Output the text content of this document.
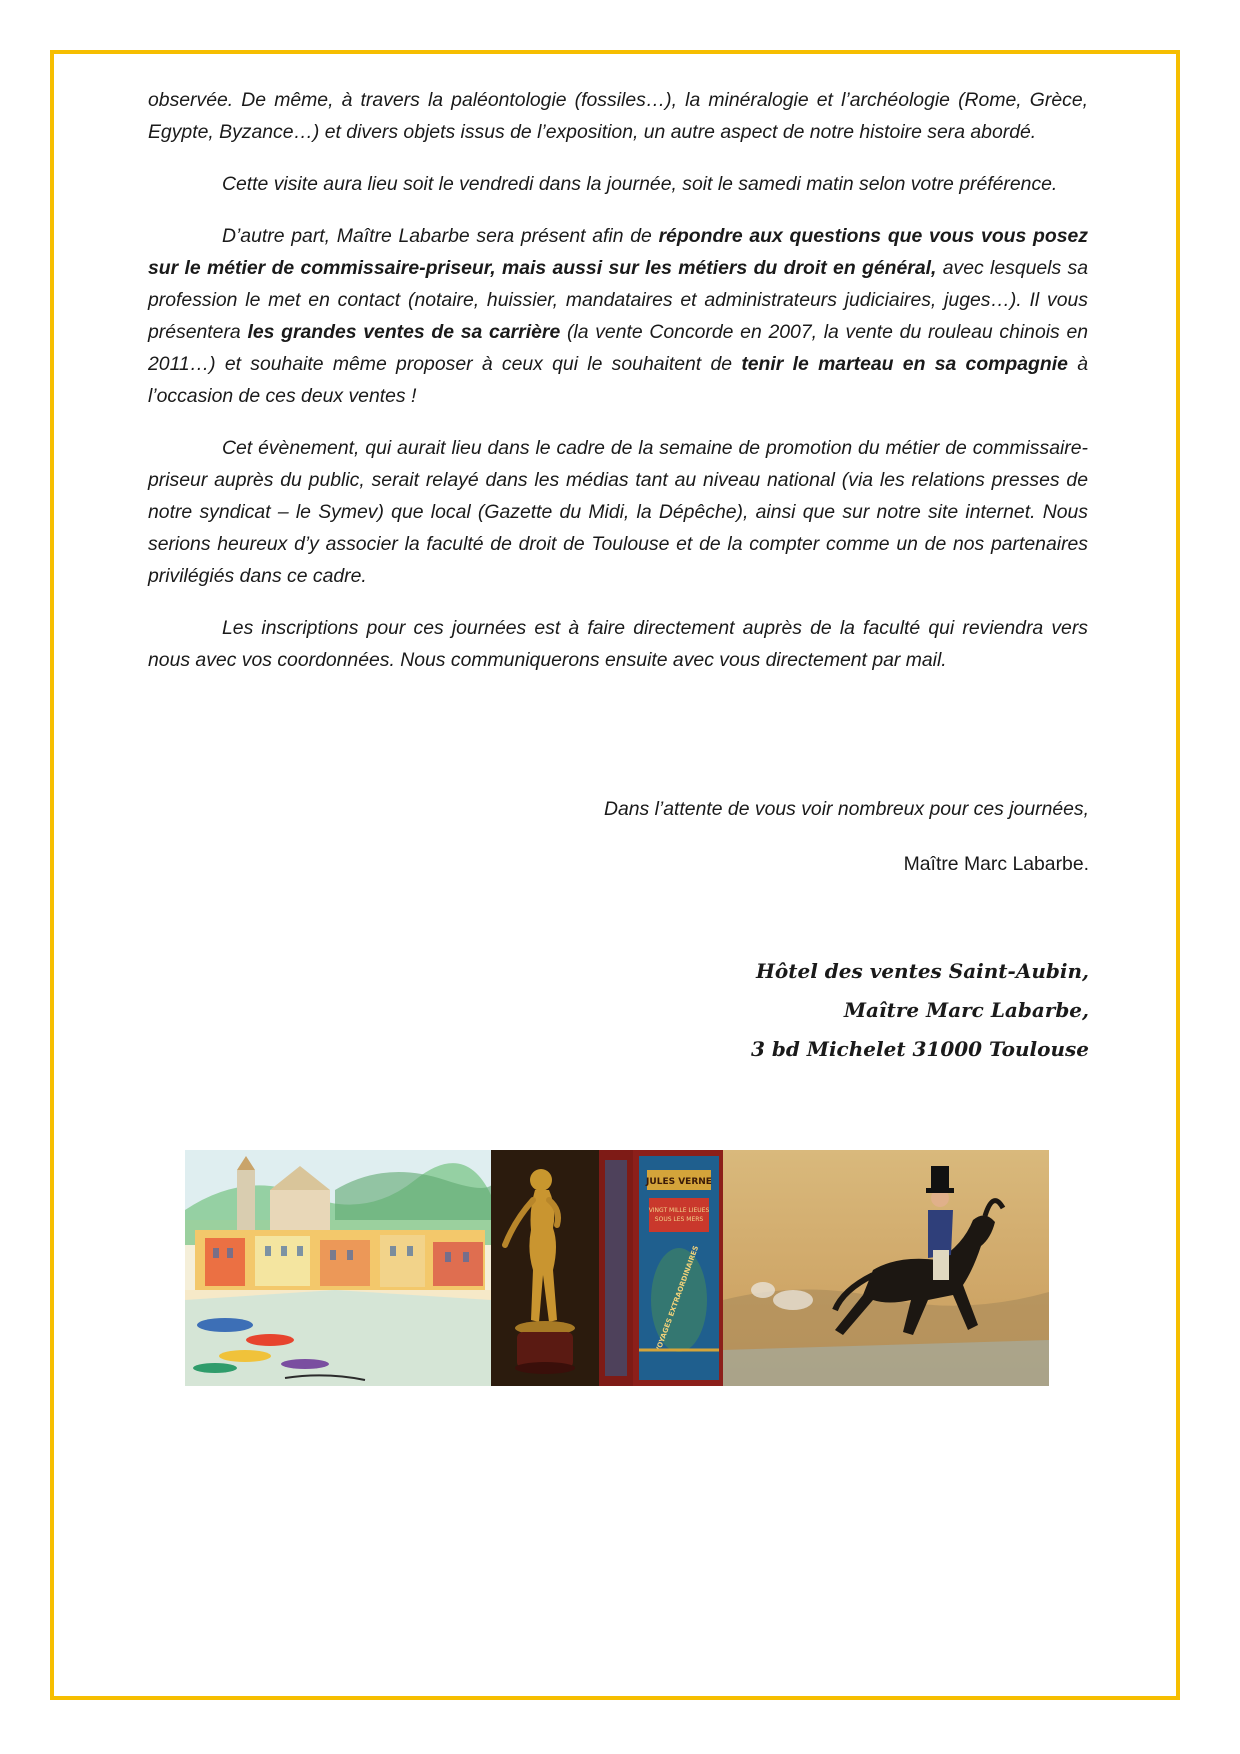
observée. De même, à travers la paléontologie (fossiles…), la minéralogie et l’archéologie (Rome, Grèce, Egypte, Byzance…) et divers objets issus de l’exposition, un autre aspect de notre histoire sera abordé.

Cette visite aura lieu soit le vendredi dans la journée, soit le samedi matin selon votre préférence.

D’autre part, Maître Labarbe sera présent afin de répondre aux questions que vous vous posez sur le métier de commissaire-priseur, mais aussi sur les métiers du droit en général, avec lesquels sa profession le met en contact (notaire, huissier, mandataires et administrateurs judiciaires, juges…). Il vous présentera les grandes ventes de sa carrière (la vente Concorde en 2007, la vente du rouleau chinois en 2011…) et souhaite même proposer à ceux qui le souhaitent de tenir le marteau en sa compagnie à l’occasion de ces deux ventes !

Cet évènement, qui aurait lieu dans le cadre de la semaine de promotion du métier de commissaire-priseur auprès du public, serait relayé dans les médias tant au niveau national (via les relations presses de notre syndicat – le Symev) que local (Gazette du Midi, la Dépêche), ainsi que sur notre site internet. Nous serions heureux d’y associer la faculté de droit de Toulouse et de la compter comme un de nos partenaires privilégiés dans ce cadre.

Les inscriptions pour ces journées est à faire directement auprès de la faculté qui reviendra vers nous avec vos coordonnées. Nous communiquerons ensuite avec vous directement par mail.

Dans l’attente de vous voir nombreux pour ces journées,
Maître Marc Labarbe.
Hôtel des ventes Saint-Aubin,
Maître Marc Labarbe,
3 bd Michelet 31000 Toulouse
JULES VERNE
VINGT MILLE LIEUES SOUS LES MERS
VOYAGES EXTRAORDINAIRES
